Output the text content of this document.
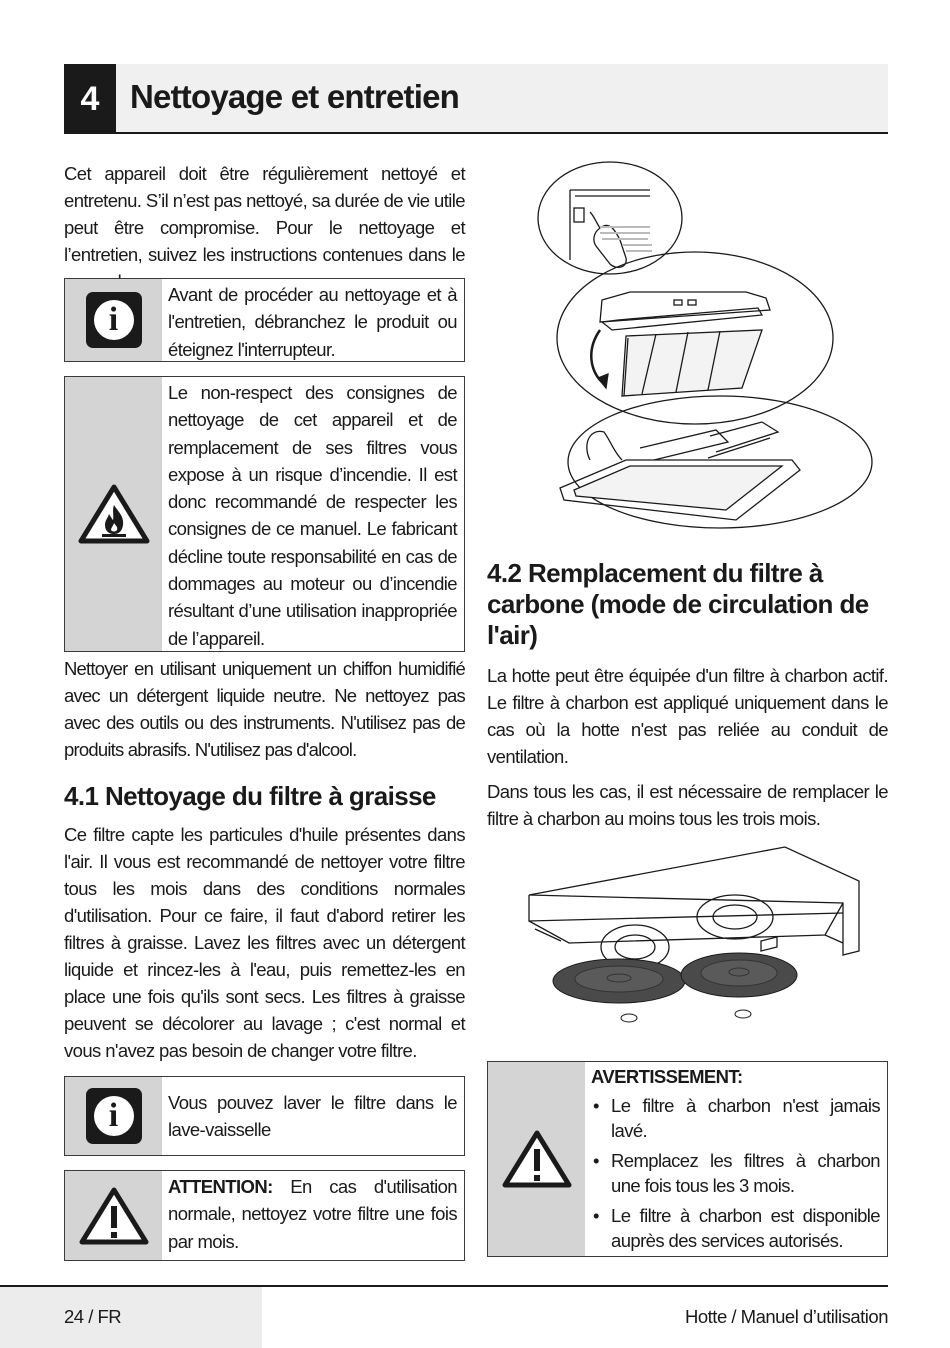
4 Nettoyage et entretien

Cet appareil doit être régulièrement nettoyé et entretenu. S’il n’est pas nettoyé, sa durée de vie utile peut être compromise. Pour le nettoyage et l’entretien, suivez les instructions contenues dans le

i
Avant de procéder au nettoyage et à l'entretien, débranchez le produit ou éteignez l'interrupteur.
Le non-respect des consignes de nettoyage de cet appareil et de remplacement de ses filtres vous expose à un risque d’incendie. Il est donc recommandé de respecter les consignes de ce manuel. Le fabricant décline toute responsabilité en cas de dommages au moteur ou d’incendie résultant d’une utilisation inappropriée de l’appareil.

Nettoyer en utilisant uniquement un chiffon humidifié avec un détergent liquide neutre. Ne nettoyez pas avec des outils ou des instruments. N'utilisez pas de produits abrasifs. N'utilisez pas d'alcool.

4.1 Nettoyage du filtre à graisse

Ce filtre capte les particules d'huile présentes dans l'air. Il vous est recommandé de nettoyer votre filtre tous les mois dans des conditions normales d'utilisation. Pour ce faire, il faut d'abord retirer les filtres à graisse. Lavez les filtres avec un détergent liquide et rincez-les à l'eau, puis remettez-les en place une fois qu'ils sont secs. Les filtres à graisse peuvent se décolorer au lavage ; c'est normal et vous n'avez pas besoin de changer votre filtre.

i	Vous pouvez laver le filtre dans le lave-vaisselle
ATTENTION: En cas d'utilisation normale, nettoyez votre filtre une fois par mois.
4.2 Remplacement du filtre à carbone (mode de circulation de l'air)

La hotte peut être équipée d'un filtre à charbon actif. Le filtre à charbon est appliqué uniquement dans le cas où la hotte n'est pas reliée au conduit de ventilation.

Dans tous les cas, il est nécessaire de remplacer le filtre à charbon au moins tous les trois mois.

AVERTISSEMENT:
• Le filtre à charbon n'est jamais lavé.
• Remplacez les filtres à charbon une fois tous les 3 mois.
• Le filtre à charbon est disponible auprès des services autorisés.
24 / FR	Hotte / Manuel d’utilisation
